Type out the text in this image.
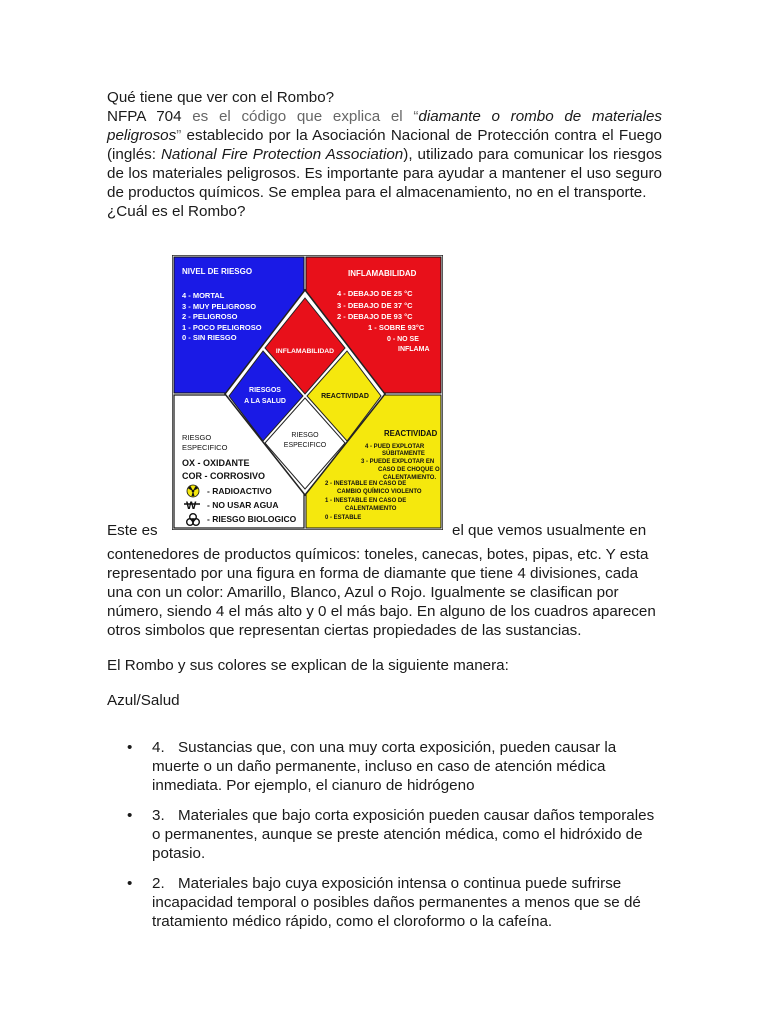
Qué tiene que ver con el Rombo?

NFPA 704 es el código que explica el “diamante o rombo de materiales peligrosos” establecido por la Asociación Nacional de Protección contra el Fuego (inglés: National Fire Protection Association), utilizado para comunicar los riesgos de los materiales peligrosos. Es importante para ayudar a mantener el uso seguro de productos químicos. Se emplea para el almacenamiento, no en el transporte.

¿Cuál es el Rombo?

Este es	el que vemos usualmente en
NIVEL DE RIESGO
4 - MORTAL
3 - MUY PELIGROSO
2 - PELIGROSO
1 - POCO PELIGROSO
0 - SIN RIESGO
INFLAMABILIDAD
4 - DEBAJO DE 25 °C
3 - DEBAJO DE 37 °C
2 - DEBAJO DE 93 °C
1 - SOBRE 93°C
0 - NO SE
INFLAMA
INFLAMABILIDAD
RIESGOS
A LA SALUD
REACTIVIDAD
RIESGO
ESPECIFICO
RIESGO
ESPECIFICO
OX - OXIDANTE
COR - CORROSIVO
- RADIOACTIVO
W - NO USAR AGUA
- RIESGO BIOLOGICO
REACTIVIDAD
4 - PUED EXPLOTAR
SÚBITAMENTE
3 - PUEDE EXPLOTAR EN
CASO DE CHOQUE O
CALENTAMIENTO.
2 - INESTABLE EN CASO DE
CAMBIO QUÍMICO VIOLENTO
1 - INESTABLE EN CASO DE
CALENTAMIENTO
0 - ESTABLE

contenedores de productos químicos: toneles, canecas, botes, pipas, etc. Y esta representado por una figura en forma de diamante que tiene 4 divisiones, cada una con un color: Amarillo, Blanco, Azul o Rojo. Igualmente se clasifican por número, siendo 4 el más alto y 0 el más bajo. En alguno de los cuadros aparecen otros simbolos que representan ciertas propiedades de las sustancias.

El Rombo y sus colores se explican de la siguiente manera:

Azul/Salud

• 4. Sustancias que, con una muy corta exposición, pueden causar la muerte o un daño permanente, incluso en caso de atención médica inmediata. Por ejemplo, el cianuro de hidrógeno
• 3. Materiales que bajo corta exposición pueden causar daños temporales o permanentes, aunque se preste atención médica, como el hidróxido de potasio.
• 2. Materiales bajo cuya exposición intensa o continua puede sufrirse incapacidad temporal o posibles daños permanentes a menos que se dé tratamiento médico rápido, como el cloroformo o la cafeína.
